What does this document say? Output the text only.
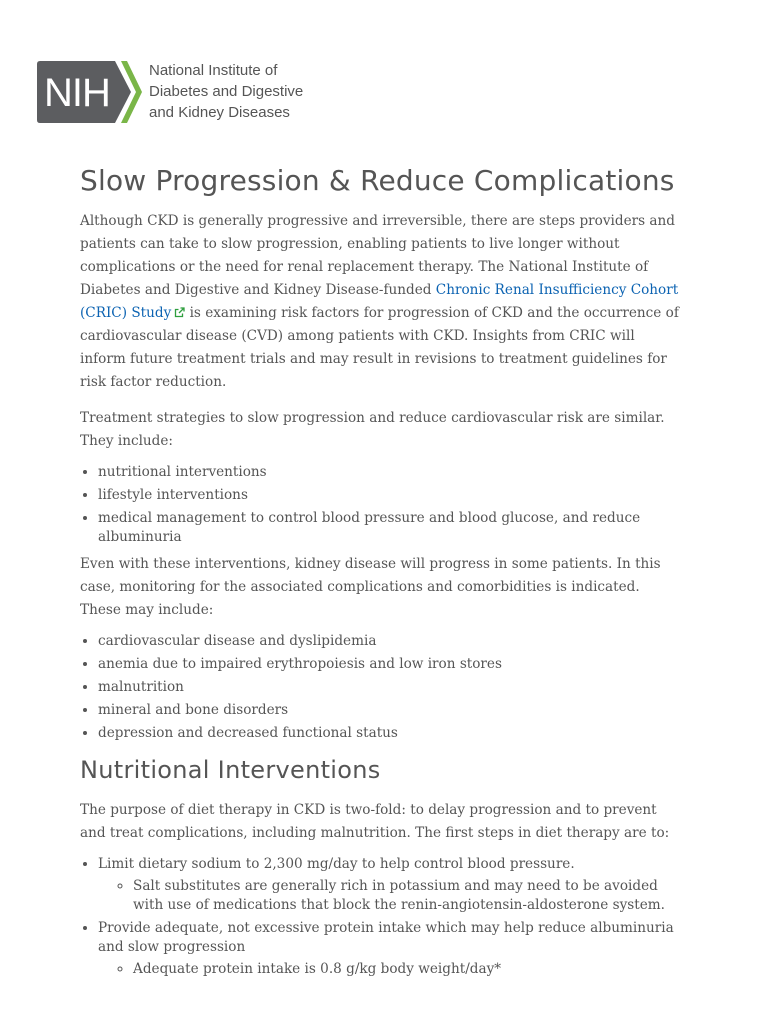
NIH	National Institute of
Diabetes and Digestive
and Kidney Diseases
Slow Progression & Reduce Complications

Although CKD is generally progressive and irreversible, there are steps providers and patients can take to slow progression, enabling patients to live longer without complications or the need for renal replacement therapy. The National Institute of Diabetes and Digestive and Kidney Disease-funded Chronic Renal Insufficiency Cohort (CRIC) Study is examining risk factors for progression of CKD and the occurrence of cardiovascular disease (CVD) among patients with CKD. Insights from CRIC will inform future treatment trials and may result in revisions to treatment guidelines for risk factor reduction.

Treatment strategies to slow progression and reduce cardiovascular risk are similar. They include:

• nutritional interventions
• lifestyle interventions
• medical management to control blood pressure and blood glucose, and reduce albuminuria

Even with these interventions, kidney disease will progress in some patients. In this case, monitoring for the associated complications and comorbidities is indicated. These may include:

• cardiovascular disease and dyslipidemia
• anemia due to impaired erythropoiesis and low iron stores
• malnutrition
• mineral and bone disorders
• depression and decreased functional status
Nutritional Interventions

The purpose of diet therapy in CKD is two-fold: to delay progression and to prevent and treat complications, including malnutrition. The first steps in diet therapy are to:

• Limit dietary sodium to 2,300 mg/day to help control blood pressure.
◦ Salt substitutes are generally rich in potassium and may need to be avoided with use of medications that block the renin-angiotensin-aldosterone system.
• Provide adequate, not excessive protein intake which may help reduce albuminuria and slow progression
◦ Adequate protein intake is 0.8 g/kg body weight/day*
